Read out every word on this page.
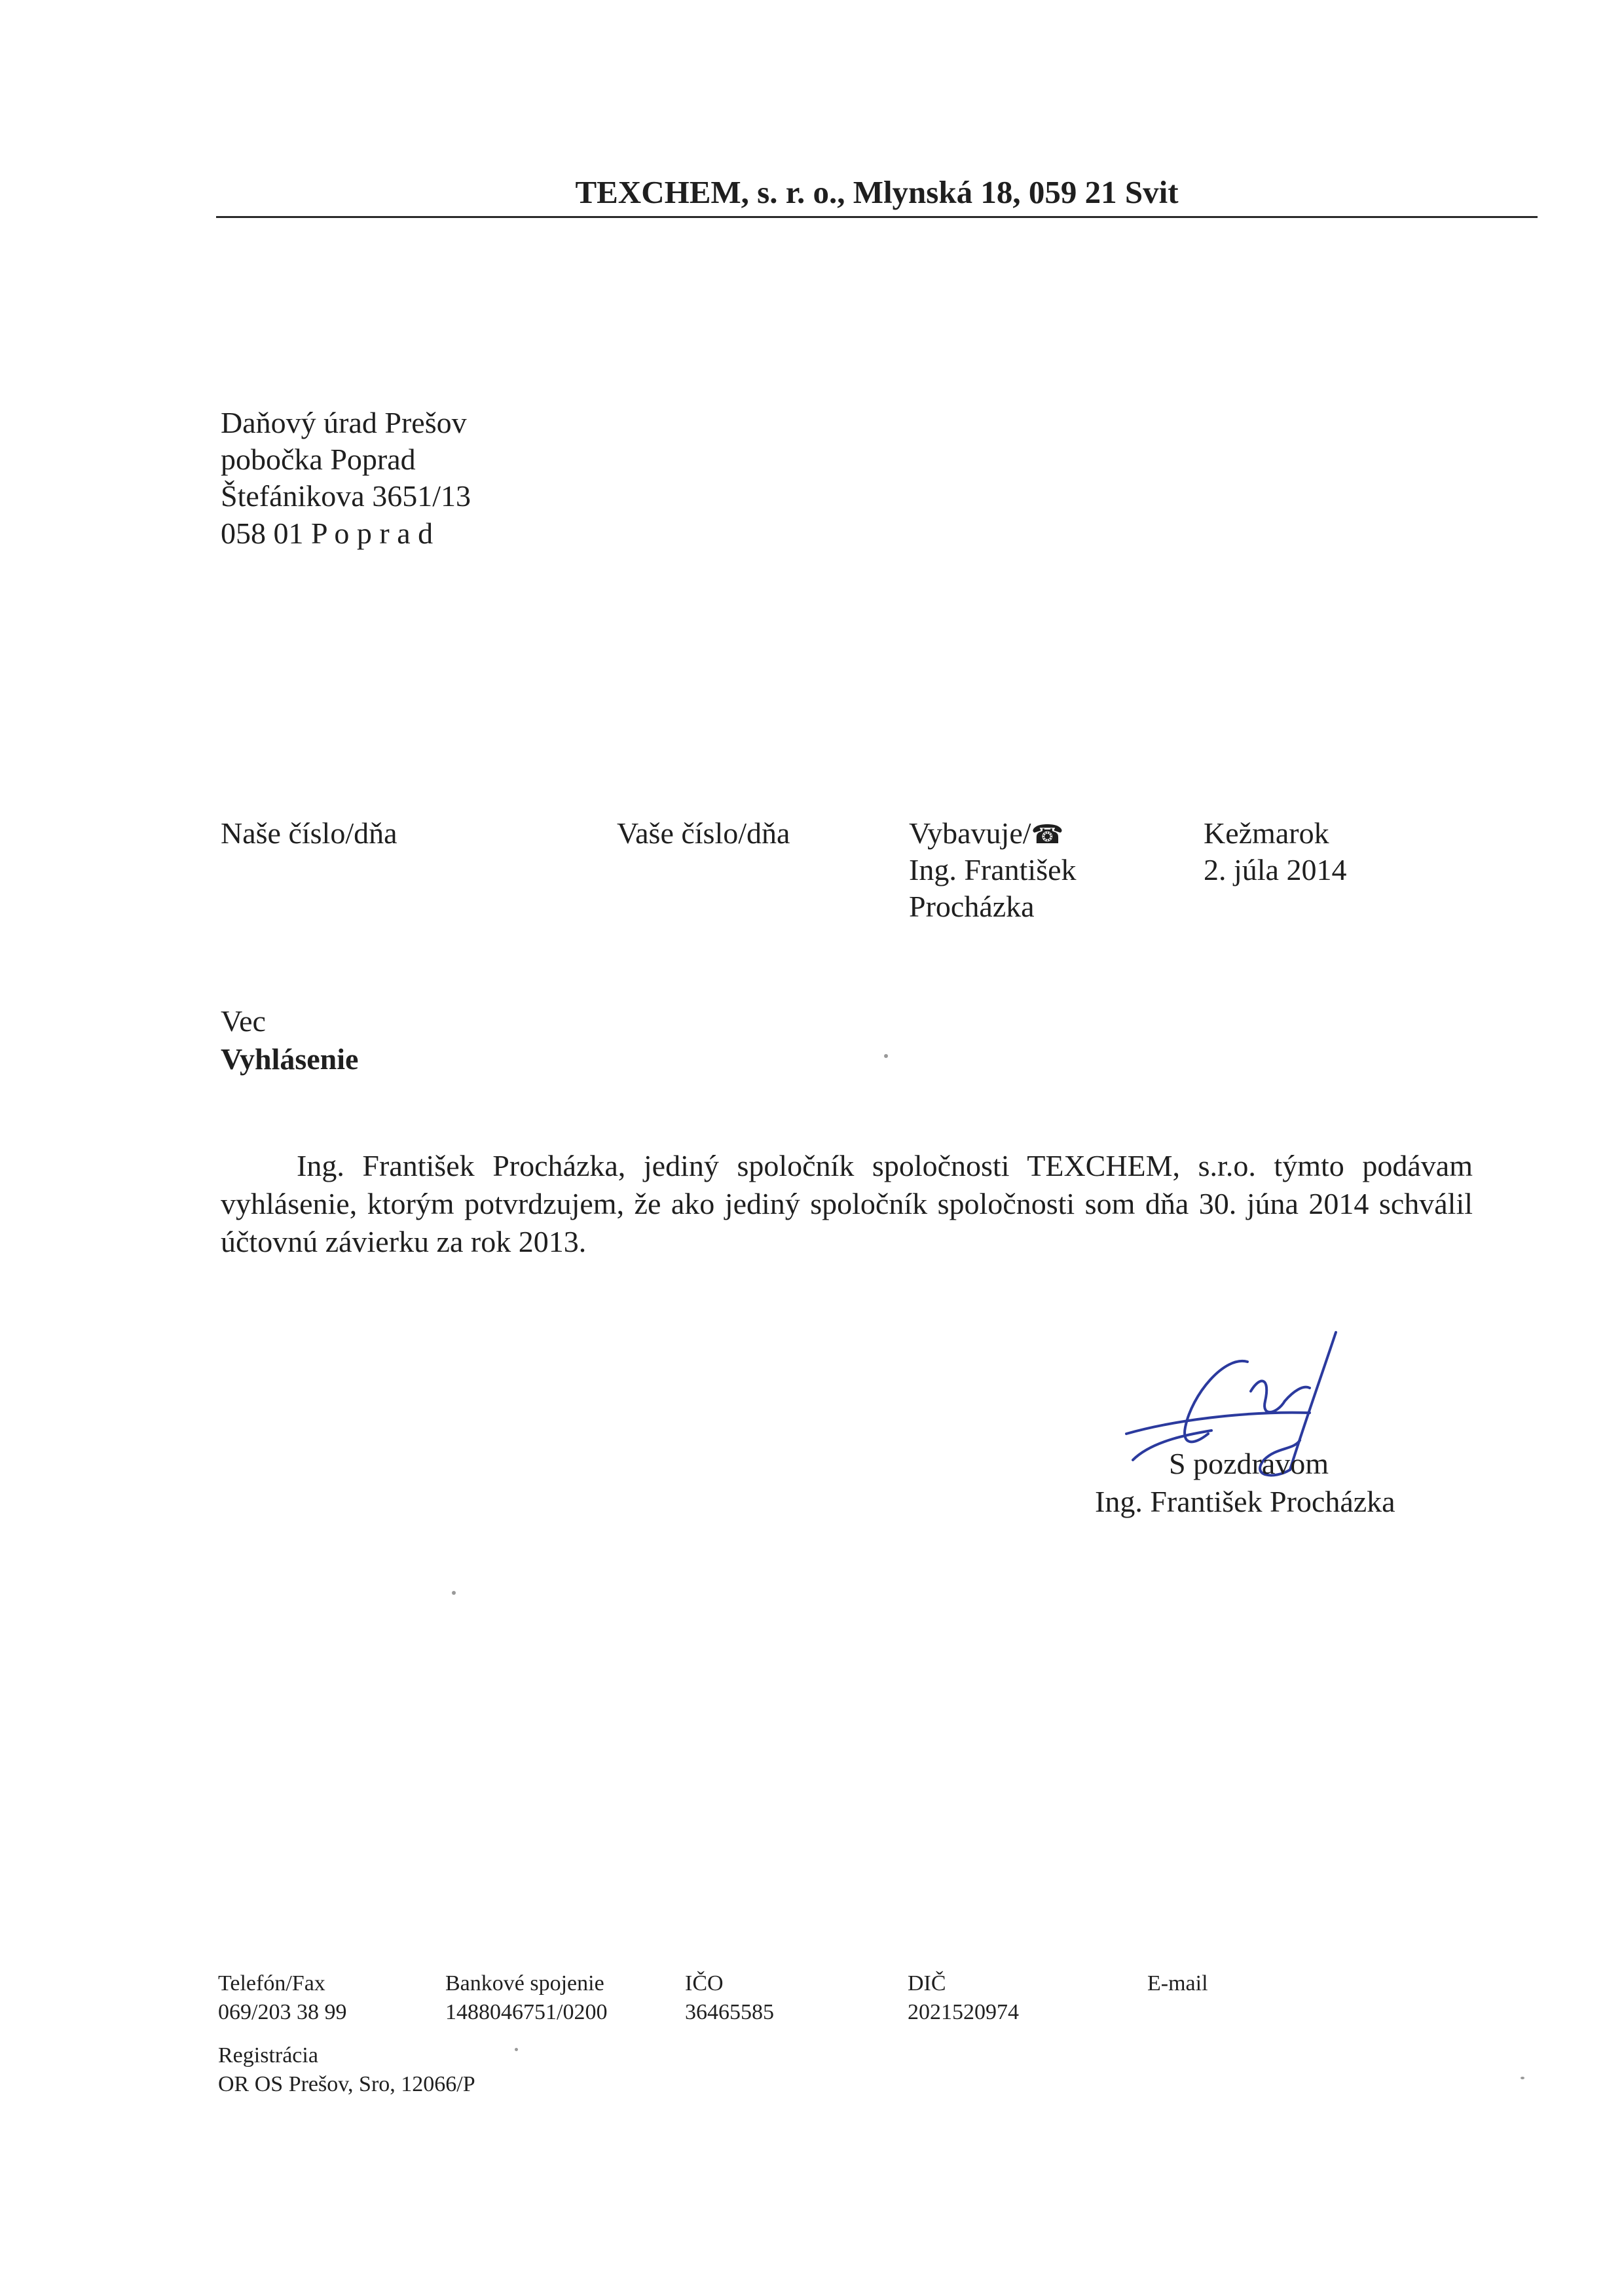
TEXCHEM, s. r. o., Mlynská 18, 059 21 Svit
Daňový úrad Prešov
pobočka Poprad
Štefánikova 3651/13
058 01 P o p r a d
Naše číslo/dňa	Vaše číslo/dňa	Vybavuje/☎
Ing. František
Procházka
Kežmarok
2. júla 2014
Vec
Vyhlásenie

Ing. František Procházka, jediný spoločník spoločnosti TEXCHEM, s.r.o. týmto podávam vyhlásenie, ktorým potvrdzujem, že ako jediný spoločník spoločnosti som dňa 30. júna 2014 schválil účtovnú závierku za rok 2013.

S pozdravom
Ing. František Procházka
Telefón/Fax
069/203 38 99
Bankové spojenie
1488046751/0200
IČO
36465585
DIČ
2021520974
E-mail
Registrácia
OR OS Prešov, Sro, 12066/P
